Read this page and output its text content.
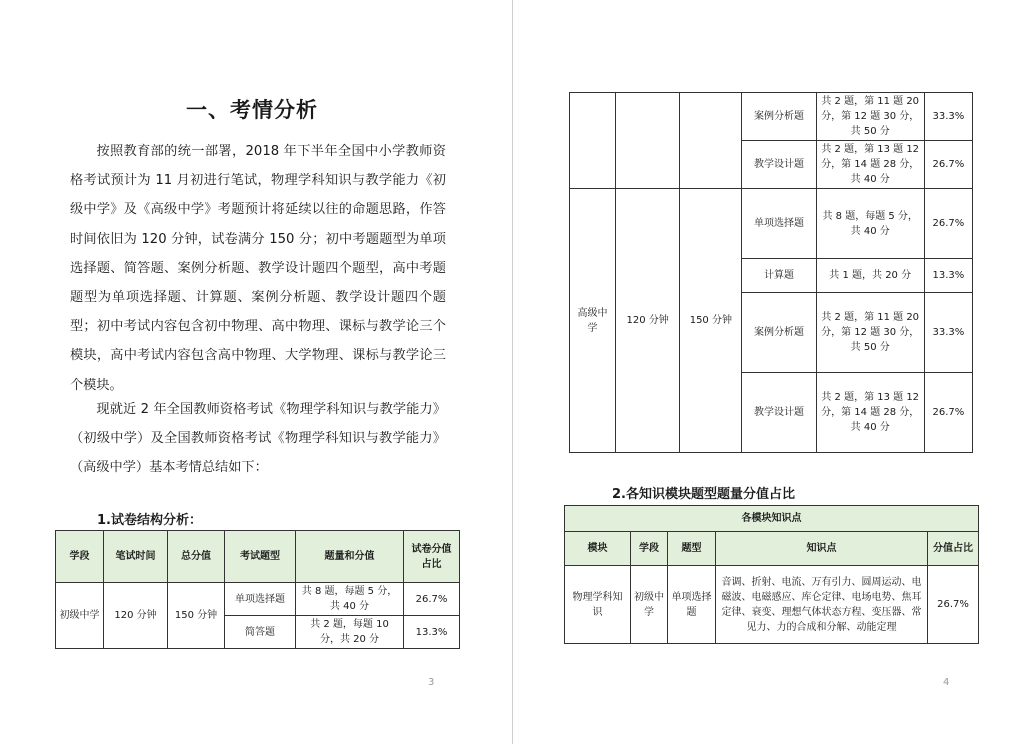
一、考情分析

按照教育部的统一部署，2018 年下半年全国中小学教师资格考试预计为 11 月初进行笔试，物理学科知识与教学能力《初级中学》及《高级中学》考题预计将延续以往的命题思路，作答时间依旧为 120 分钟，试卷满分 150 分；初中考题题型为单项选择题、简答题、案例分析题、教学设计题四个题型，高中考题题型为单项选择题、计算题、案例分析题、教学设计题四个题型；初中考试内容包含初中物理、高中物理、课标与教学论三个模块，高中考试内容包含高中物理、大学物理、课标与教学论三个模块。

现就近 2 年全国教师资格考试《物理学科知识与教学能力》（初级中学）及全国教师资格考试《物理学科知识与教学能力》（高级中学）基本考情总结如下：

1.试卷结构分析：
学段	笔试时间	总分值	考试题型	题量和分值	试卷分值占比
初级中学	120 分钟	150 分钟	单项选择题	共 8 题，每题 5 分，共 40 分	26.7%
			简答题	共 2 题，每题 10 分，共 20 分	13.3%
3
			案例分析题	共 2 题，第 11 题 20 分，第 12 题 30 分，共 50 分	33.3%
			教学设计题	共 2 题，第 13 题 12 分，第 14 题 28 分，共 40 分	26.7%
高级中学	120 分钟	150 分钟	单项选择题	共 8 题，每题 5 分，共 40 分	26.7%
			计算题	共 1 题，共 20 分	13.3%
			案例分析题	共 2 题，第 11 题 20 分，第 12 题 30 分，共 50 分	33.3%
			教学设计题	共 2 题，第 13 题 12 分，第 14 题 28 分，共 40 分	26.7%
2.各知识模块题型题量分值占比
各模块知识点				
模块	学段	题型	知识点	分值占比
物理学科知识	初级中学	单项选择题	音调、折射、电流、万有引力、圆周运动、电磁波、电磁感应、库仑定律、电场电势、焦耳定律、衰变、理想气体状态方程、变压器、常见力、力的合成和分解、动能定理	26.7%
4
